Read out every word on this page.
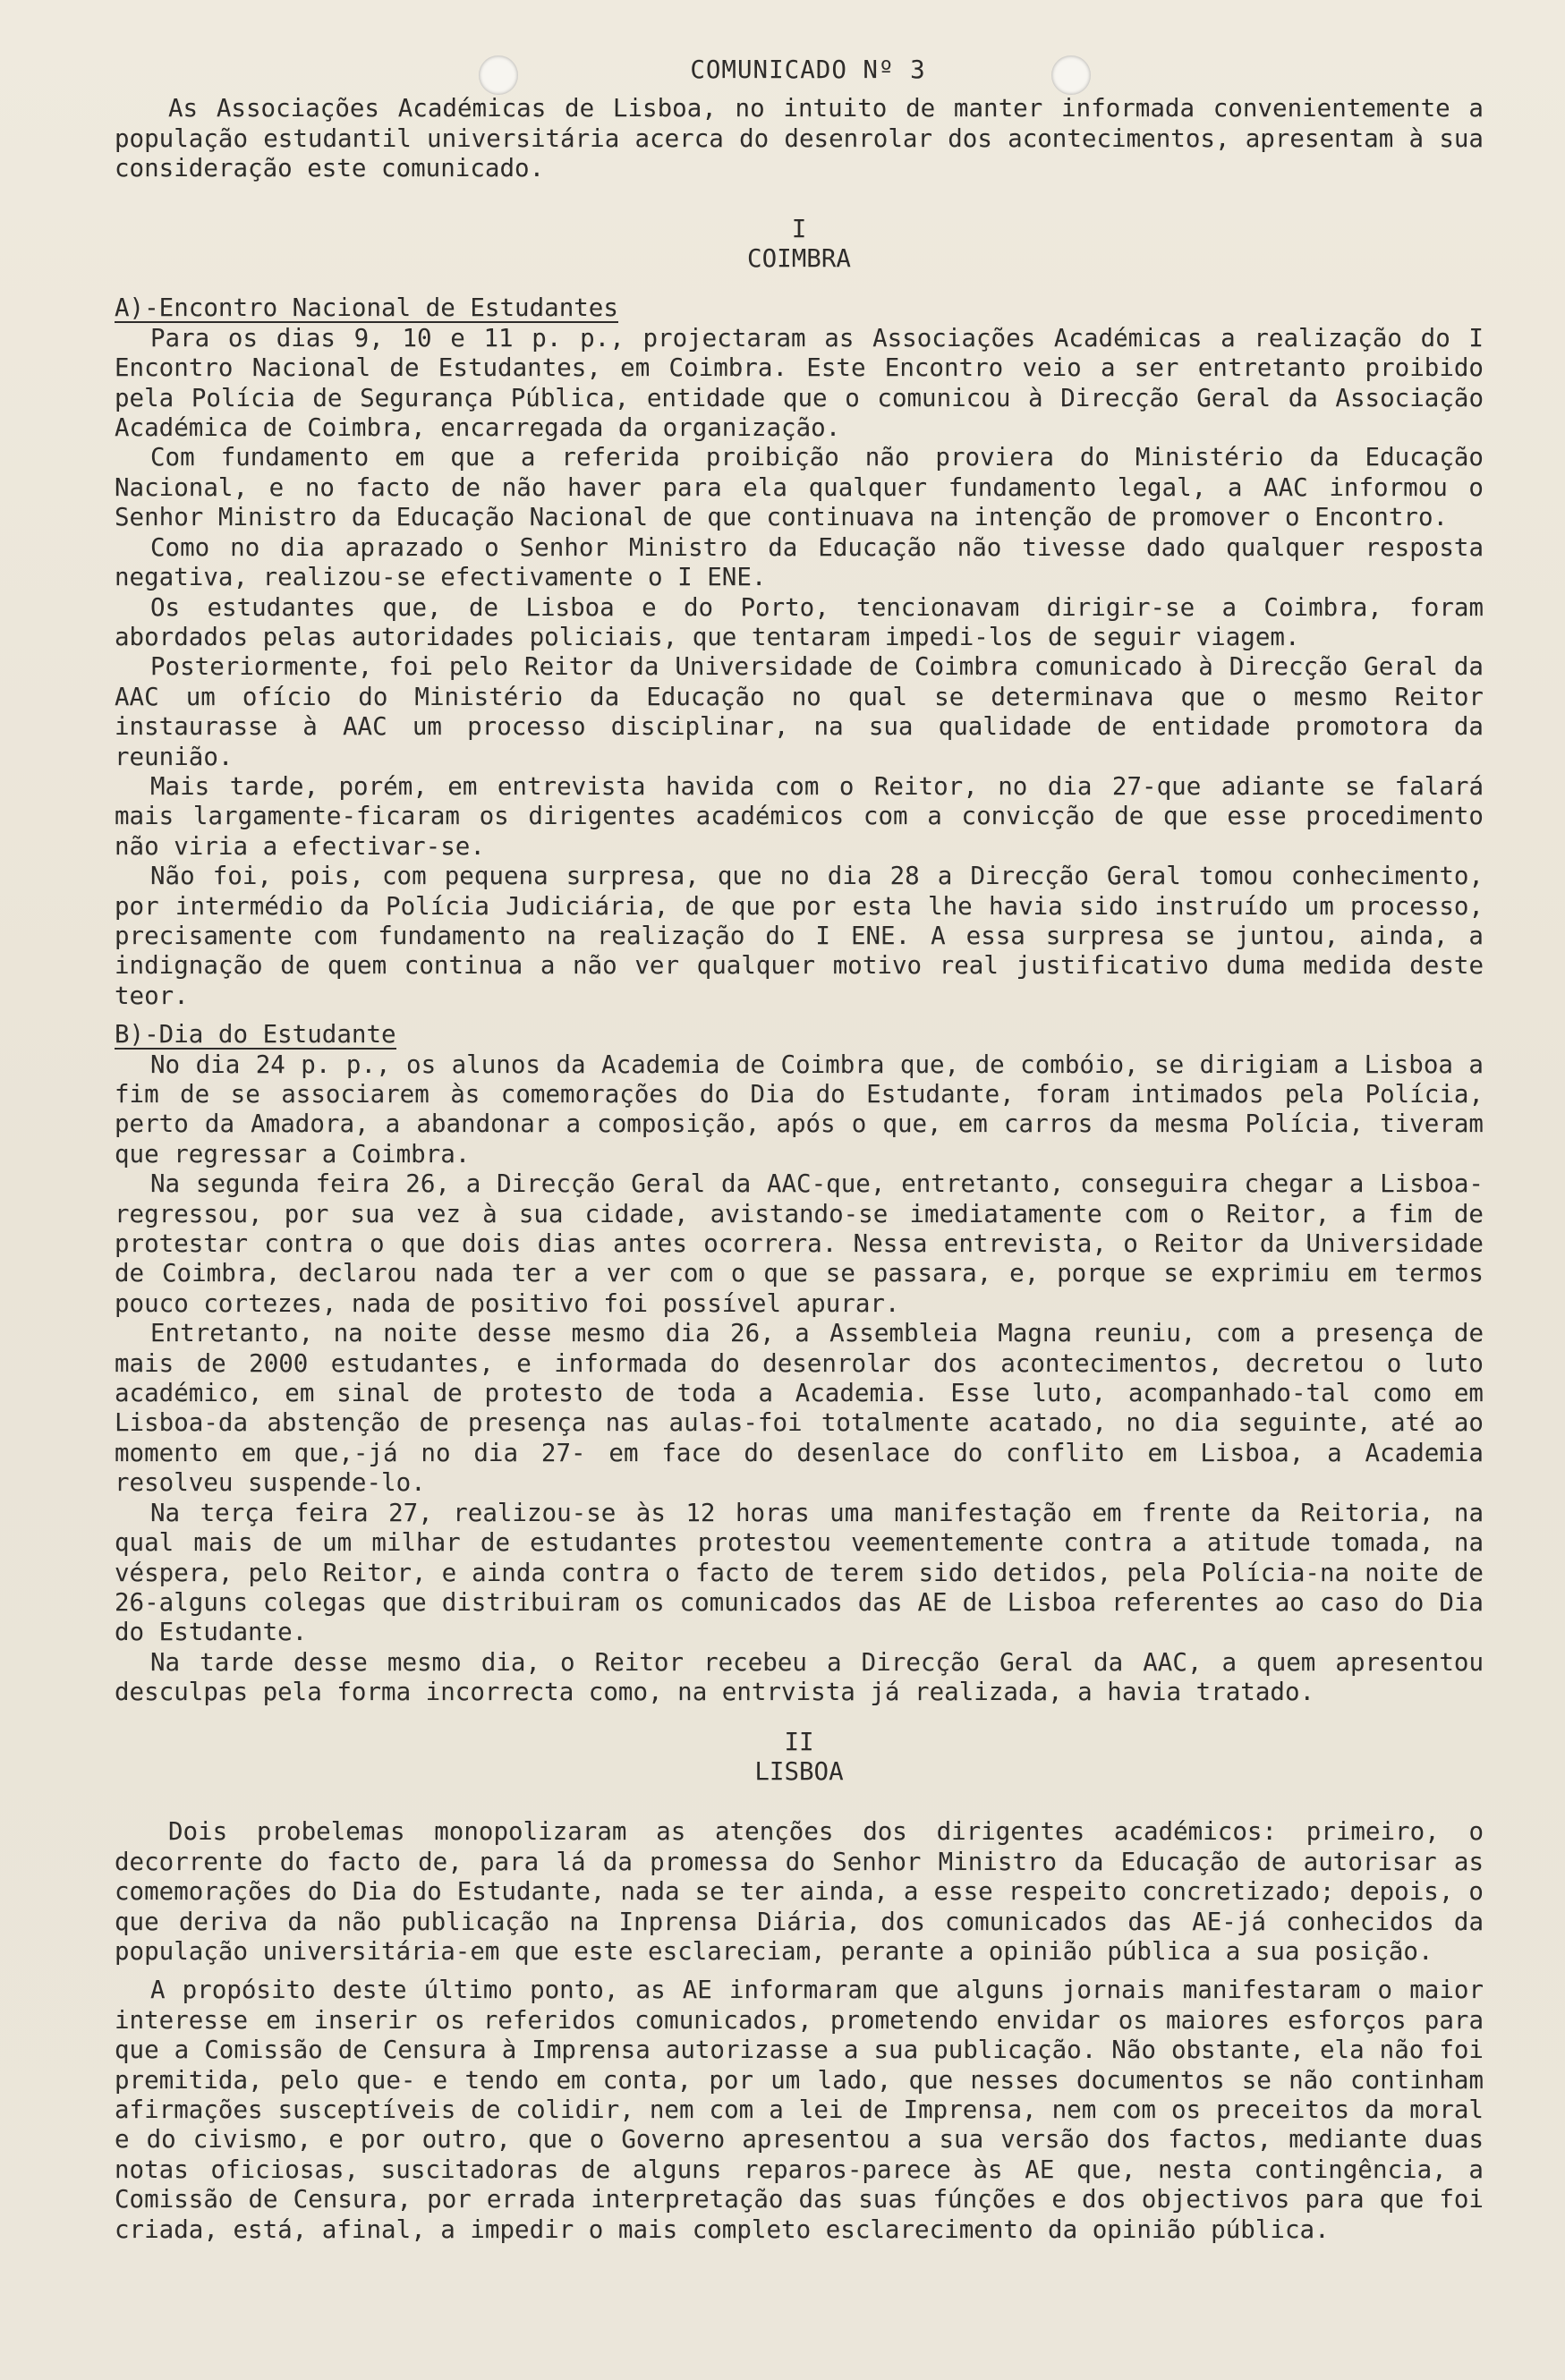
COMUNICADO Nº 3

As Associações Académicas de Lisboa, no intuito de manter informada convenientemente a população estudantil universitária acerca do desenrolar dos acontecimentos, apresentam à sua consideração este comunicado.

I
COIMBRA
A)-Encontro Nacional de Estudantes

Para os dias 9, 10 e 11 p. p., projectaram as Associações Académicas a realização do I Encontro Nacional de Estudantes, em Coimbra. Este Encontro veio a ser entretanto proibido pela Polícia de Segurança Pública, entidade que o comunicou à Direcção Geral da Associação Académica de Coimbra, encarregada da organização.

Com fundamento em que a referida proibição não proviera do Ministério da Educação Nacional, e no facto de não haver para ela qualquer fundamento legal, a AAC informou o Senhor Ministro da Educação Nacional de que continuava na intenção de promover o Encontro.

Como no dia aprazado o Senhor Ministro da Educação não tivesse dado qualquer resposta negativa, realizou-se efectivamente o I ENE.

Os estudantes que, de Lisboa e do Porto, tencionavam dirigir-se a Coimbra, foram abordados pelas autoridades policiais, que tentaram impedi-los de seguir viagem.

Posteriormente, foi pelo Reitor da Universidade de Coimbra comunicado à Direcção Geral da AAC um ofício do Ministério da Educação no qual se determinava que o mesmo Reitor instaurasse à AAC um processo disciplinar, na sua qualidade de entidade promotora da reunião.

Mais tarde, porém, em entrevista havida com o Reitor, no dia 27-que adiante se falará mais largamente-ficaram os dirigentes académicos com a convicção de que esse procedimento não viria a efectivar-se.

Não foi, pois, com pequena surpresa, que no dia 28 a Direcção Geral tomou conhecimento, por intermédio da Polícia Judiciária, de que por esta lhe havia sido instruído um processo, precisamente com fundamento na realização do I ENE. A essa surpresa se juntou, ainda, a indignação de quem continua a não ver qualquer motivo real justificativo duma medida deste teor.

B)-Dia do Estudante

No dia 24 p. p., os alunos da Academia de Coimbra que, de combóio, se dirigiam a Lisboa a fim de se associarem às comemorações do Dia do Estudante, foram intimados pela Polícia, perto da Amadora, a abandonar a composição, após o que, em carros da mesma Polícia, tiveram que regressar a Coimbra.

Na segunda feira 26, a Direcção Geral da AAC-que, entretanto, conseguira chegar a Lisboa-regressou, por sua vez à sua cidade, avistando-se imediatamente com o Reitor, a fim de protestar contra o que dois dias antes ocorrera. Nessa entrevista, o Reitor da Universidade de Coimbra, declarou nada ter a ver com o que se passara, e, porque se exprimiu em termos pouco cortezes, nada de positivo foi possível apurar.

Entretanto, na noite desse mesmo dia 26, a Assembleia Magna reuniu, com a presença de mais de 2000 estudantes, e informada do desenrolar dos acontecimentos, decretou o luto académico, em sinal de protesto de toda a Academia. Esse luto, acompanhado-tal como em Lisboa-da abstenção de presença nas aulas-foi totalmente acatado, no dia seguinte, até ao momento em que,-já no dia 27- em face do desenlace do conflito em Lisboa, a Academia resolveu suspende-lo.

Na terça feira 27, realizou-se às 12 horas uma manifestação em frente da Reitoria, na qual mais de um milhar de estudantes protestou veementemente contra a atitude tomada, na véspera, pelo Reitor, e ainda contra o facto de terem sido detidos, pela Polícia-na noite de 26-alguns colegas que distribuiram os comunicados das AE de Lisboa referentes ao caso do Dia do Estudante.

Na tarde desse mesmo dia, o Reitor recebeu a Direcção Geral da AAC, a quem apresentou desculpas pela forma incorrecta como, na entrvista já realizada, a havia tratado.

II
LISBOA

Dois probelemas monopolizaram as atenções dos dirigentes académicos: primeiro, o decorrente do facto de, para lá da promessa do Senhor Ministro da Educação de autorisar as comemorações do Dia do Estudante, nada se ter ainda, a esse respeito concretizado; depois, o que deriva da não publicação na Inprensa Diária, dos comunicados das AE-já conhecidos da população universitária-em que este esclareciam, perante a opinião pública a sua posição.

A propósito deste último ponto, as AE informaram que alguns jornais manifestaram o maior interesse em inserir os referidos comunicados, prometendo envidar os maiores esforços para que a Comissão de Censura à Imprensa autorizasse a sua publicação. Não obstante, ela não foi premitida, pelo que- e tendo em conta, por um lado, que nesses documentos se não continham afirmações susceptíveis de colidir, nem com a lei de Imprensa, nem com os preceitos da moral e do civismo, e por outro, que o Governo apresentou a sua versão dos factos, mediante duas notas oficiosas, suscitadoras de alguns reparos-parece às AE que, nesta contingência, a Comissão de Censura, por errada interpretação das suas fúnções e dos objectivos para que foi criada, está, afinal, a impedir o mais completo esclarecimento da opinião pública.
